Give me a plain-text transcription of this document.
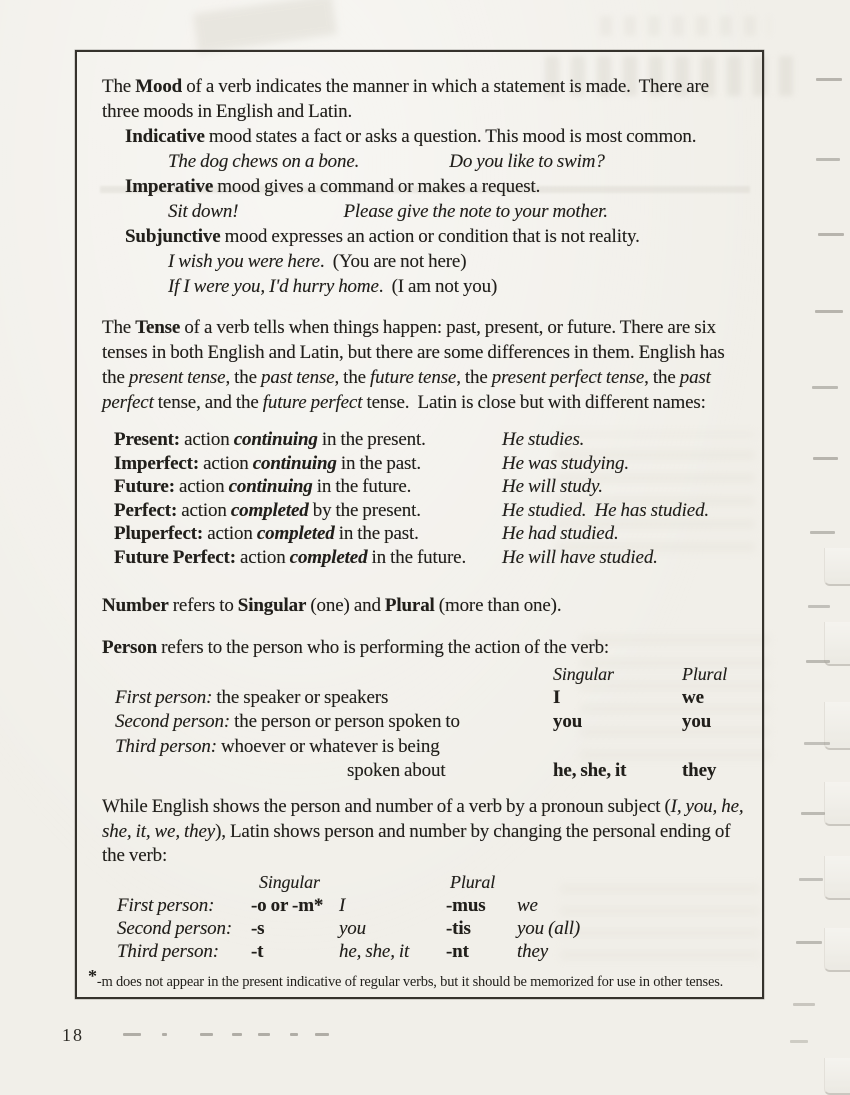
The Mood of a verb indicates the manner in which a statement is made.  There are three moods in English and Latin.

Indicative mood states a fact or asks a question. This mood is most common.
The dog chews on a bone.	Do you like to swim?
Imperative mood gives a command or makes a request.
Sit down!	Please give the note to your mother.
Subjunctive mood expresses an action or condition that is not reality.
I wish you were here.  (You are not here)
If I were you, I'd hurry home.  (I am not you)

The Tense of a verb tells when things happen: past, present, or future. There are six tenses in both English and Latin, but there are some differences in them. English has the present tense, the past tense, the future tense, the present perfect tense, the past perfect tense, and the future perfect tense.  Latin is close but with different names:

Present: action continuing in the present.	He studies.
Imperfect: action continuing in the past.	He was studying.
Future: action continuing in the future.	He will study.
Perfect: action completed by the present.	He studied.  He has studied.
Pluperfect: action completed in the past.	He had studied.
Future Perfect: action completed in the future.	He will have studied.

Number refers to Singular (one) and Plural (more than one).

Person refers to the person who is performing the action of the verb:

Singular	Plural
First person: the speaker or speakers	I	we
Second person: the person or person spoken to	you	you
Third person: whoever or whatever is being
spoken about	he, she, it	they

While English shows the person and number of a verb by a pronoun subject (I, you, he, she, it, we, they), Latin shows person and number by changing the personal ending of the verb:

Singular	Plural
First person:	-o or -m* I	-mus	we
Second person: -s	you	-tis	you (all)
Third person:	-t	he, she, it	-nt	they

*-m does not appear in the present indicative of regular verbs, but it should be memorized for use in other tenses.

18
